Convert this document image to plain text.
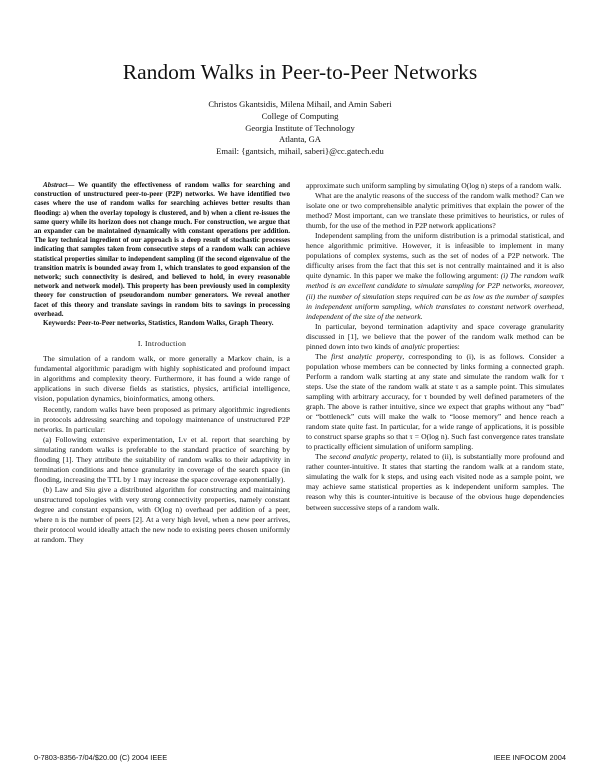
Random Walks in Peer-to-Peer Networks
Christos Gkantsidis, Milena Mihail, and Amin Saberi
College of Computing
Georgia Institute of Technology
Atlanta, GA
Email: {gantsich, mihail, saberi}@cc.gatech.edu

Abstract— We quantify the effectiveness of random walks for searching and construction of unstructured peer-to-peer (P2P) networks. We have identified two cases where the use of random walks for searching achieves better results than flooding: a) when the overlay topology is clustered, and b) when a client re-issues the same query while its horizon does not change much. For construction, we argue that an expander can be maintained dynamically with constant operations per addition. The key technical ingredient of our approach is a deep result of stochastic processes indicating that samples taken from consecutive steps of a random walk can achieve statistical properties similar to independent sampling (if the second eigenvalue of the transition matrix is bounded away from 1, which translates to good expansion of the network; such connectivity is desired, and believed to hold, in every reasonable network and network model). This property has been previously used in complexity theory for construction of pseudorandom number generators. We reveal another facet of this theory and translate savings in random bits to savings in processing overhead.

Keywords: Peer-to-Peer networks, Statistics, Random Walks, Graph Theory.

I. Introduction

The simulation of a random walk, or more generally a Markov chain, is a fundamental algorithmic paradigm with highly sophisticated and profound impact in algorithms and complexity theory. Furthermore, it has found a wide range of applications in such diverse fields as statistics, physics, artificial intelligence, vision, population dynamics, bioinformatics, among others.

Recently, random walks have been proposed as primary algorithmic ingredients in protocols addressing searching and topology maintenance of unstructured P2P networks. In particular:

(a) Following extensive experimentation, Lv et al. report that searching by simulating random walks is preferable to the standard practice of searching by flooding [1]. They attribute the suitability of random walks to their adaptivity in termination conditions and hence granularity in coverage of the search space (in flooding, increasing the TTL by 1 may increase the space coverage exponentially).

(b) Law and Siu give a distributed algorithm for constructing and maintaining unstructured topologies with very strong connectivity properties, namely constant degree and constant expansion, with O(log n) overhead per addition of a peer, where n is the number of peers [2]. At a very high level, when a new peer arrives, their protocol would ideally attach the new node to existing peers chosen uniformly at random. They

approximate such uniform sampling by simulating O(log n) steps of a random walk.

What are the analytic reasons of the success of the random walk method? Can we isolate one or two comprehensible analytic primitives that explain the power of the method? Most important, can we translate these primitives to heuristics, or rules of thumb, for the use of the method in P2P network applications?

Independent sampling from the uniform distribution is a primodal statistical, and hence algorithmic primitive. However, it is infeasible to implement in many populations of complex systems, such as the set of nodes of a P2P network. The difficulty arises from the fact that this set is not centrally maintained and it is also quite dynamic. In this paper we make the following argument: (i) The random walk method is an excellent candidate to simulate sampling for P2P networks, moreover, (ii) the number of simulation steps required can be as low as the number of samples in independent uniform sampling, which translates to constant network overhead, independent of the size of the network.

In particular, beyond termination adaptivity and space coverage granularity discussed in [1], we believe that the power of the random walk method can be pinned down into two kinds of analytic properties:

The first analytic property, corresponding to (i), is as follows. Consider a population whose members can be connected by links forming a connected graph. Perform a random walk starting at any state and simulate the random walk for τ steps. Use the state of the random walk at state τ as a sample point. This simulates sampling with arbitrary accuracy, for τ bounded by well defined parameters of the graph. The above is rather intuitive, since we expect that graphs without any “bad” or “bottleneck” cuts will make the walk to “loose memory” and hence reach a random state quite fast. In particular, for a wide range of applications, it is possible to construct sparse graphs so that τ = O(log n). Such fast convergence rates translate to practically efficient simulation of uniform sampling.

The second analytic property, related to (ii), is substantially more profound and rather counter-intuitive. It states that starting the random walk at a random state, simulating the walk for k steps, and using each visited node as a sample point, we may achieve same statistical properties as k independent uniform samples. The reason why this is counter-intuitive is because of the obvious huge dependencies between successive steps of a random walk.

0-7803-8356-7/04/$20.00 (C) 2004 IEEE	IEEE INFOCOM 2004
